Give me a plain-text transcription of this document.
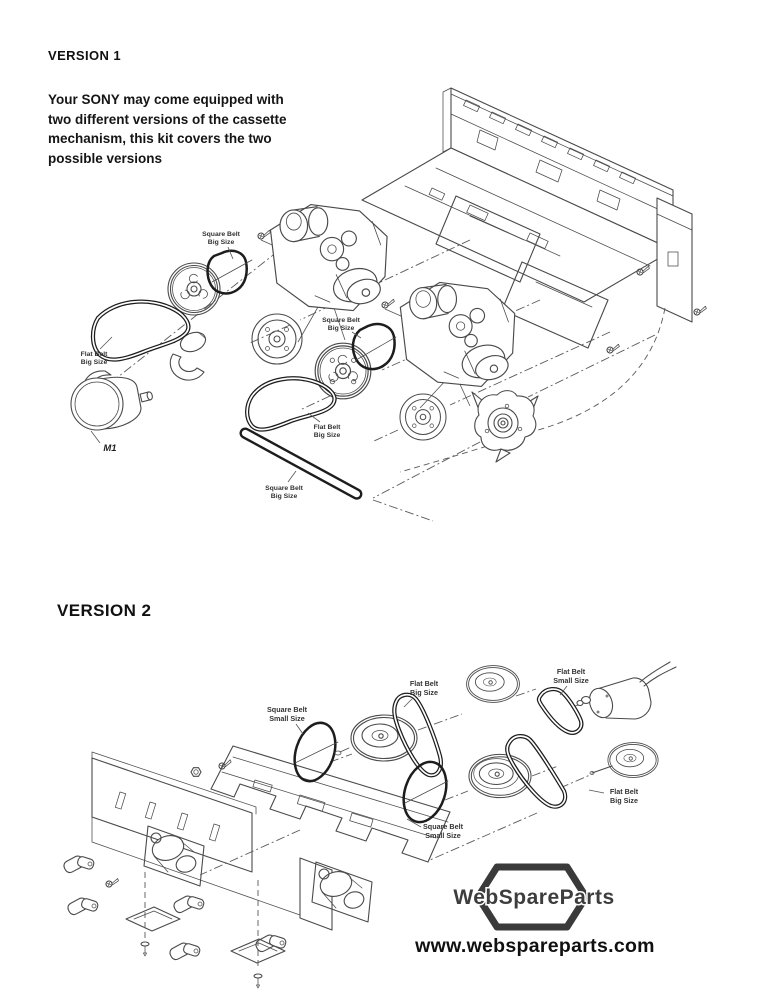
VERSION 1
Your SONY may come equipped with
two different versions of the cassette
mechanism, this kit covers the two
possible versions
Square Belt
Big Size
Flat Belt
Big Size
Square Belt
Big Size
Flat Belt
Big Size
Square Belt
Big Size
M1
VERSION 2
Square Belt
Small Size
Flat Belt
Big Size
Flat Belt
Small Size
Flat Belt
Big Size
Square Belt
Small Size
WebSpareParts
www.webspareparts.com
